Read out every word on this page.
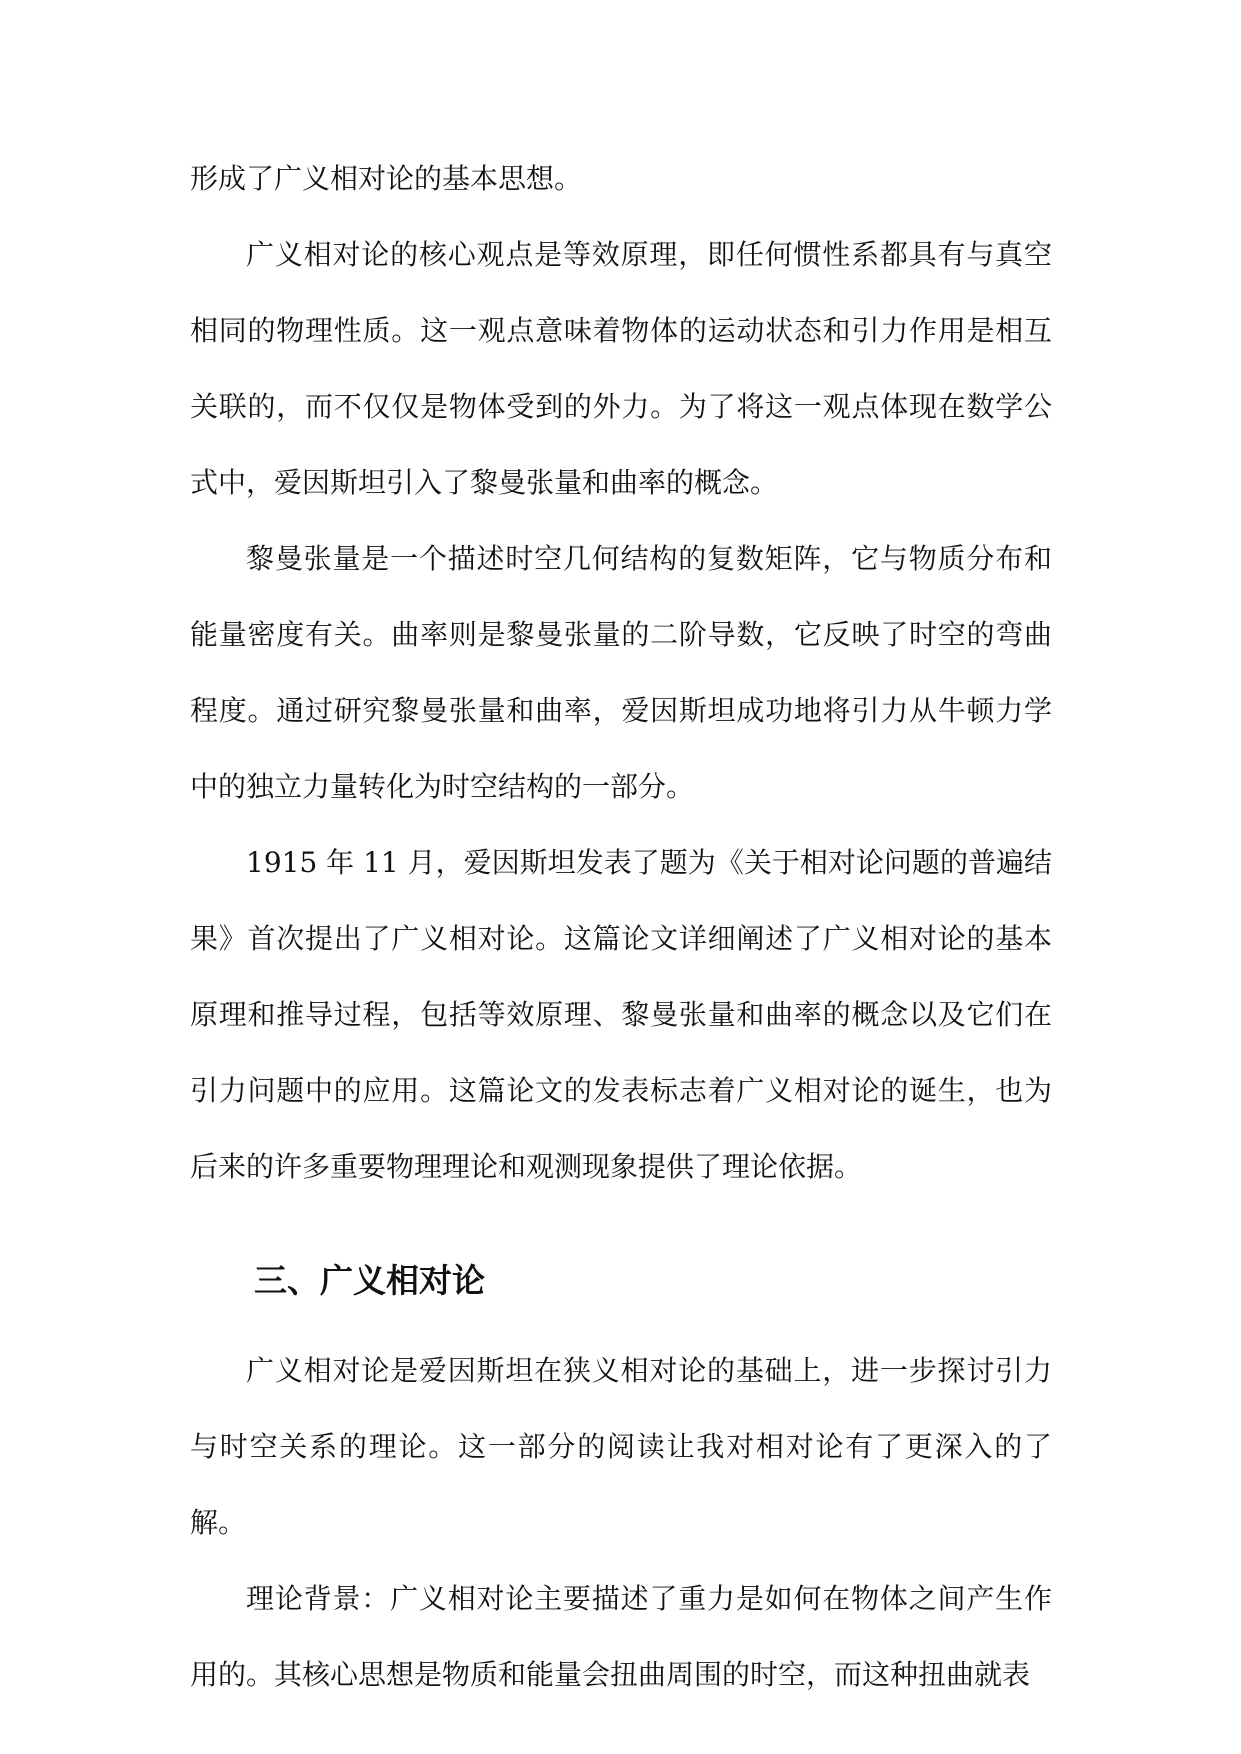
形成了广义相对论的基本思想。

广义相对论的核心观点是等效原理，即任何惯性系都具有与真空相同的物理性质。这一观点意味着物体的运动状态和引力作用是相互关联的，而不仅仅是物体受到的外力。为了将这一观点体现在数学公式中，爱因斯坦引入了黎曼张量和曲率的概念。

黎曼张量是一个描述时空几何结构的复数矩阵，它与物质分布和能量密度有关。曲率则是黎曼张量的二阶导数，它反映了时空的弯曲程度。通过研究黎曼张量和曲率，爱因斯坦成功地将引力从牛顿力学中的独立力量转化为时空结构的一部分。

1915 年 11 月，爱因斯坦发表了题为《关于相对论问题的普遍结果》首次提出了广义相对论。这篇论文详细阐述了广义相对论的基本原理和推导过程，包括等效原理、黎曼张量和曲率的概念以及它们在引力问题中的应用。这篇论文的发表标志着广义相对论的诞生，也为后来的许多重要物理理论和观测现象提供了理论依据。

三、广义相对论

广义相对论是爱因斯坦在狭义相对论的基础上，进一步探讨引力与时空关系的理论。这一部分的阅读让我对相对论有了更深入的了解。

理论背景：广义相对论主要描述了重力是如何在物体之间产生作用的。其核心思想是物质和能量会扭曲周围的时空，而这种扭曲就表
